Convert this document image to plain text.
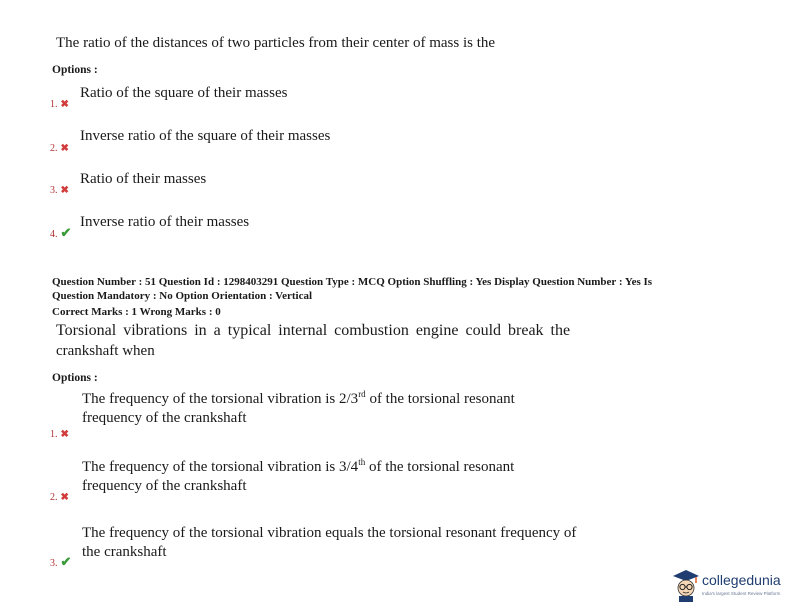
The ratio of the distances of two particles from their center of mass is the
Options :
1. ✖
Ratio of the square of their masses
2. ✖
Inverse ratio of the square of their masses
3. ✖
Ratio of their masses
4. ✔
Inverse ratio of their masses
Question Number : 51 Question Id : 1298403291 Question Type : MCQ Option Shuffling : Yes Display Question Number : Yes Is
Question Mandatory : No Option Orientation : Vertical
Correct Marks : 1 Wrong Marks : 0
Torsional vibrations in a typical internal combustion engine could break the
crankshaft when
Options :
The frequency of the torsional vibration is 2/3rd of the torsional resonant
frequency of the crankshaft
1. ✖
The frequency of the torsional vibration is 3/4th of the torsional resonant
frequency of the crankshaft
2. ✖
The frequency of the torsional vibration equals the torsional resonant frequency of
the crankshaft
3. ✔
collegedunia
India's largest Student Review Platform
